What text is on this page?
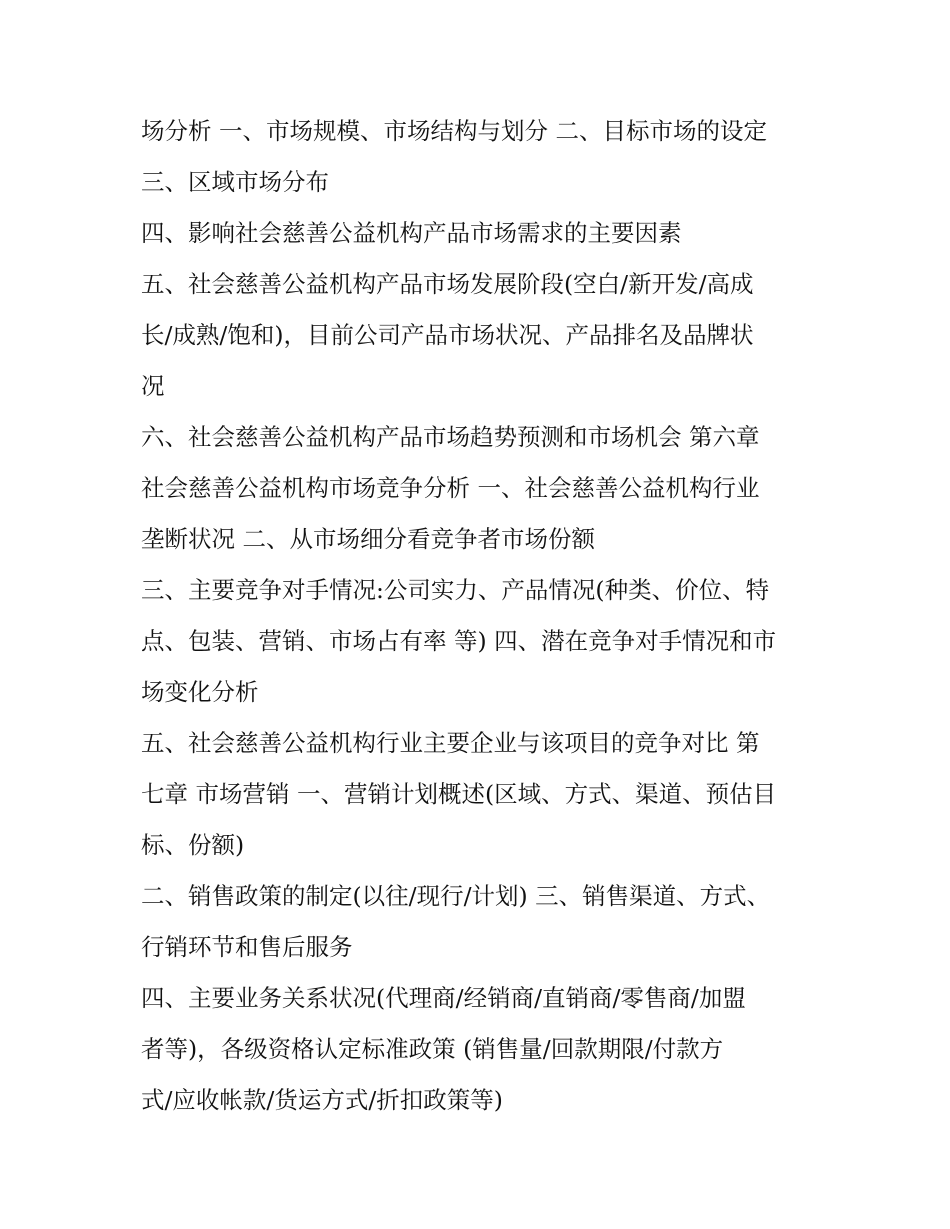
场分析 一、市场规模、市场结构与划分 二、目标市场的设定
三、区域市场分布
四、影响社会慈善公益机构产品市场需求的主要因素
五、社会慈善公益机构产品市场发展阶段(空白/新开发/高成
长/成熟/饱和)，目前公司产品市场状况、产品排名及品牌状
况
六、社会慈善公益机构产品市场趋势预测和市场机会 第六章
社会慈善公益机构市场竞争分析 一、社会慈善公益机构行业
垄断状况 二、从市场细分看竞争者市场份额
三、主要竞争对手情况:公司实力、产品情况(种类、价位、特
点、包装、营销、市场占有率 等) 四、潜在竞争对手情况和市
场变化分析
五、社会慈善公益机构行业主要企业与该项目的竞争对比 第
七章 市场营销 一、营销计划概述(区域、方式、渠道、预估目
标、份额)
二、销售政策的制定(以往/现行/计划) 三、销售渠道、方式、
行销环节和售后服务
四、主要业务关系状况(代理商/经销商/直销商/零售商/加盟
者等)，各级资格认定标准政策 (销售量/回款期限/付款方
式/应收帐款/货运方式/折扣政策等)
